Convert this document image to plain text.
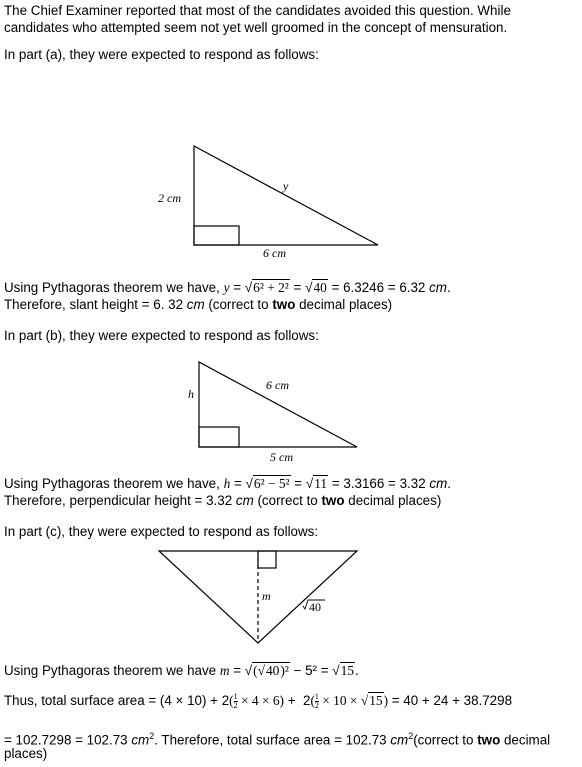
The Chief Examiner reported that most of the candidates avoided this question. While
candidates who attempted seem not yet well groomed in the concept of mensuration.
In part (a), they were expected to respond as follows:
2 cm
y
6 cm
h
6 cm
5 cm
m
40
Using Pythagoras theorem we have, y = √6² + 2² = √40 = 6.3246 = 6.32 cm.
Therefore, slant height = 6. 32 cm (correct to two decimal places)
In part (b), they were expected to respond as follows:
Using Pythagoras theorem we have, h = √6² − 5² = √11 = 3.3166 = 3.32 cm.
Therefore, perpendicular height = 3.32 cm (correct to two decimal places)
In part (c), they were expected to respond as follows:
Using Pythagoras theorem we have m = √(√40)² − 5² = √15.
Thus, total surface area = $(4 \times 10) + 2( \frac{1}{2} \times 4 \times 6) + 2( \frac{1}{2} \times 10 \times √15) = 40 + 24 + 38.7298$
= 102.7298 = 102.73 $cm^2$. Therefore, total surface area = 102.73 $cm^2(correct$ to two decimal
places)
